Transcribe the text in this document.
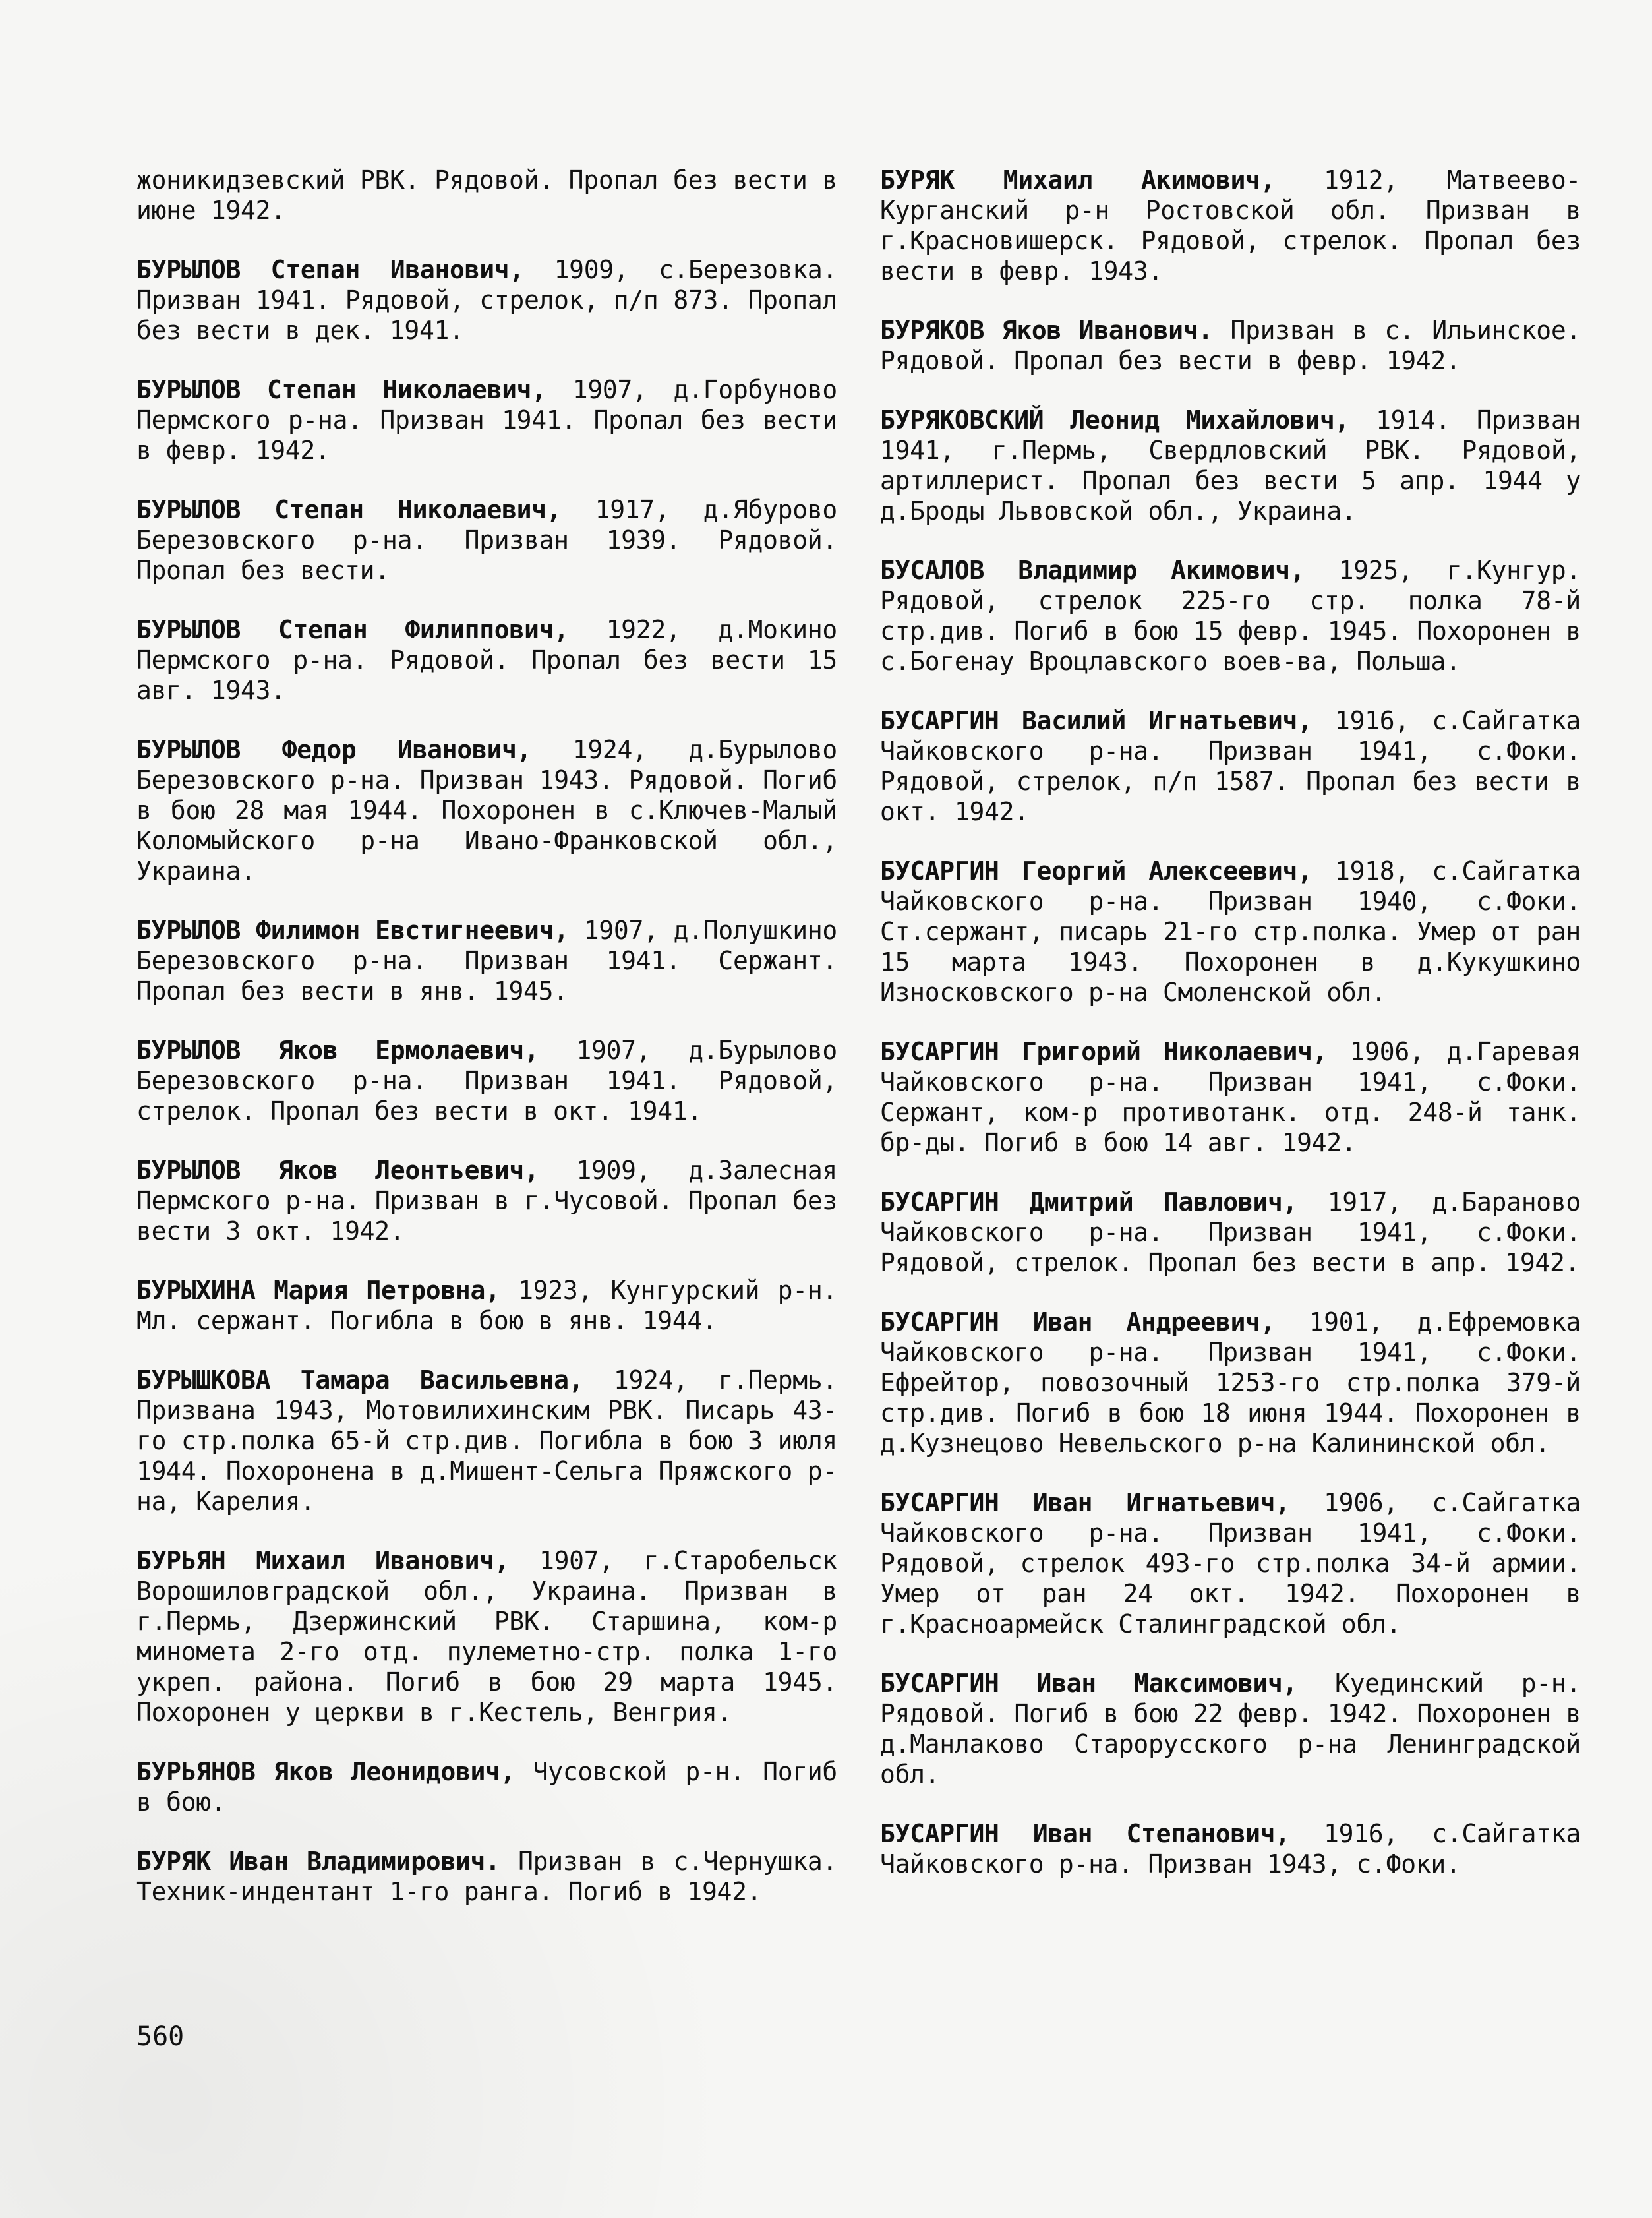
жоникидзевский РВК. Рядовой. Пропал без вести в июне 1942.

БУРЫЛОВ Степан Иванович, 1909, с.Березовка. Призван 1941. Рядовой, стрелок, п/п 873. Пропал без вести в дек. 1941.

БУРЫЛОВ Степан Николаевич, 1907, д.Горбуново Пермского р-на. Призван 1941. Пропал без вести в февр. 1942.

БУРЫЛОВ Степан Николаевич, 1917, д.Ябурово Березовского р-на. Призван 1939. Рядовой. Пропал без вести.

БУРЫЛОВ Степан Филиппович, 1922, д.Мокино Пермского р-на. Рядовой. Пропал без вести 15 авг. 1943.

БУРЫЛОВ Федор Иванович, 1924, д.Бурылово Березовского р-на. Призван 1943. Рядовой. Погиб в бою 28 мая 1944. Похоронен в с.Ключев-Малый Коломыйского р-на Ивано-Франковской обл., Украина.

БУРЫЛОВ Филимон Евстигнеевич, 1907, д.Полушкино Березовского р-на. Призван 1941. Сержант. Пропал без вести в янв. 1945.

БУРЫЛОВ Яков Ермолаевич, 1907, д.Бурылово Березовского р-на. Призван 1941. Рядовой, стрелок. Пропал без вести в окт. 1941.

БУРЫЛОВ Яков Леонтьевич, 1909, д.Залесная Пермского р-на. Призван в г.Чусовой. Пропал без вести 3 окт. 1942.

БУРЫХИНА Мария Петровна, 1923, Кунгурский р-н. Мл. сержант. Погибла в бою в янв. 1944.

БУРЫШКОВА Тамара Васильевна, 1924, г.Пермь. Призвана 1943, Мотовилихинским РВК. Писарь 43-го стр.полка 65-й стр.див. Погибла в бою 3 июля 1944. Похоронена в д.Мишент-Сельга Пряжского р-на, Карелия.

БУРЬЯН Михаил Иванович, 1907, г.Старобельск Ворошиловградской обл., Украина. Призван в г.Пермь, Дзержинский РВК. Старшина, ком-р минометa 2-го отд. пулеметно-стр. полка 1-го укреп. района. Погиб в бою 29 марта 1945. Похоронен у церкви в г.Кестель, Венгрия.

БУРЬЯНОВ Яков Леонидович, Чусовской р-н. Погиб в бою.

БУРЯК Иван Владимирович. Призван в с.Чернушка. Техник-индентант 1-го ранга. Погиб в 1942.

БУРЯК Михаил Акимович, 1912, Матвеево-Курганский р-н Ростовской обл. Призван в г.Красновишерск. Рядовой, стрелок. Пропал без вести в февр. 1943.

БУРЯКОВ Яков Иванович. Призван в с. Ильинское. Рядовой. Пропал без вести в февр. 1942.

БУРЯКОВСКИЙ Леонид Михайлович, 1914. Призван 1941, г.Пермь, Свердловский РВК. Рядовой, артиллерист. Пропал без вести 5 апр. 1944 у д.Броды Львовской обл., Украина.

БУСАЛОВ Владимир Акимович, 1925, г.Кунгур. Рядовой, стрелок 225-го стр. полка 78-й стр.див. Погиб в бою 15 февр. 1945. Похоронен в с.Богенау Вроцлавского воев-ва, Польша.

БУСАРГИН Василий Игнатьевич, 1916, с.Сайгатка Чайковского р-на. Призван 1941, с.Фоки. Рядовой, стрелок, п/п 1587. Пропал без вести в окт. 1942.

БУСАРГИН Георгий Алексеевич, 1918, с.Сайгатка Чайковского р-на. Призван 1940, с.Фоки. Ст.сержант, писарь 21-го стр.полка. Умер от ран 15 марта 1943. Похоронен в д.Кукушкино Износковского р-на Смоленской обл.

БУСАРГИН Григорий Николаевич, 1906, д.Гаревая Чайковского р-на. Призван 1941, с.Фоки. Сержант, ком-р противотанк. отд. 248-й танк. бр-ды. Погиб в бою 14 авг. 1942.

БУСАРГИН Дмитрий Павлович, 1917, д.Бараново Чайковского р-на. Призван 1941, с.Фоки. Рядовой, стрелок. Пропал без вести в апр. 1942.

БУСАРГИН Иван Андреевич, 1901, д.Ефремовка Чайковского р-на. Призван 1941, с.Фоки. Ефрейтор, повозочный 1253-го стр.полка 379-й стр.див. Погиб в бою 18 июня 1944. Похоронен в д.Кузнецово Невельского р-на Калининской обл.

БУСАРГИН Иван Игнатьевич, 1906, с.Сайгатка Чайковского р-на. Призван 1941, с.Фоки. Рядовой, стрелок 493-го стр.полка 34-й армии. Умер от ран 24 окт. 1942. Похоронен в г.Красноармейск Сталинградской обл.

БУСАРГИН Иван Максимович, Куединский р-н. Рядовой. Погиб в бою 22 февр. 1942. Похоронен в д.Манлаково Старорусского р-на Ленинградской обл.

БУСАРГИН Иван Степанович, 1916, с.Сайгатка Чайковского р-на. Призван 1943, с.Фоки.

560
